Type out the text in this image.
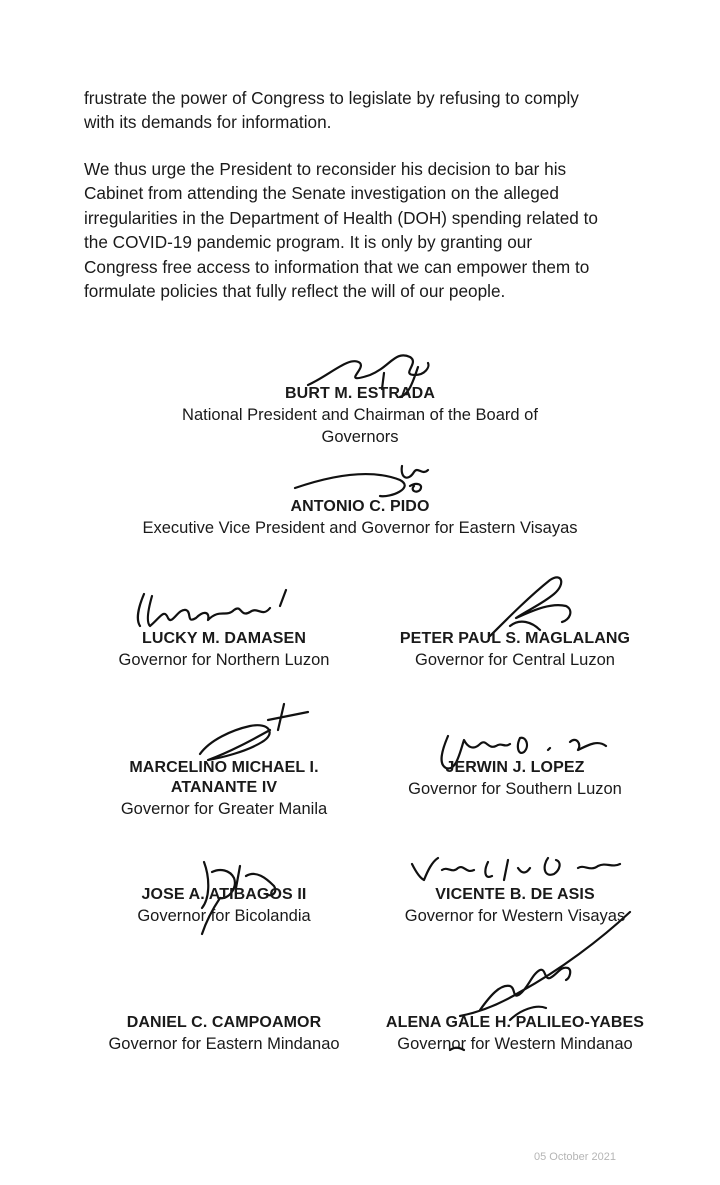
frustrate the power of Congress to legislate by refusing to comply
with its demands for information.
We thus urge the President to reconsider his decision to bar his
Cabinet from attending the Senate investigation on the alleged
irregularities in the Department of Health (DOH) spending related to
the COVID-19 pandemic program. It is only by granting our
Congress free access to information that we can empower them to
formulate policies that fully reflect the will of our people.
BURT M. ESTRADA
National President and Chairman of the Board of Governors
ANTONIO C. PIDO
Executive Vice President and Governor for Eastern Visayas
LUCKY M. DAMASEN
Governor for Northern Luzon
PETER PAUL S. MAGLALANG
Governor for Central Luzon
MARCELINO MICHAEL I.
ATANANTE IV
Governor for Greater Manila
JERWIN J. LOPEZ
Governor for Southern Luzon
JOSE A. ATIBAGOS II
Governor for Bicolandia
VICENTE B. DE ASIS
Governor for Western Visayas
DANIEL C. CAMPOAMOR
Governor for Eastern Mindanao
ALENA GALE H. PALILEO-YABES
Governor for Western Mindanao
05 October 2021
